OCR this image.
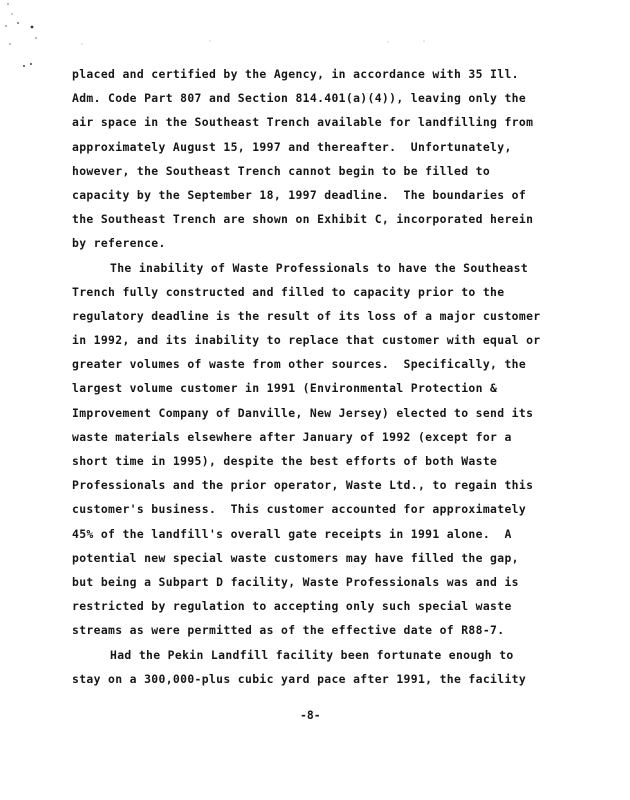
placed and certified by the Agency, in accordance with 35 Ill.
Adm. Code Part 807 and Section 814.401(a)(4)), leaving only the
air space in the Southeast Trench available for landfilling from
approximately August 15, 1997 and thereafter.  Unfortunately,
however, the Southeast Trench cannot begin to be filled to
capacity by the September 18, 1997 deadline.  The boundaries of
the Southeast Trench are shown on Exhibit C, incorporated herein
by reference.
The inability of Waste Professionals to have the Southeast
Trench fully constructed and filled to capacity prior to the
regulatory deadline is the result of its loss of a major customer
in 1992, and its inability to replace that customer with equal or
greater volumes of waste from other sources.  Specifically, the
largest volume customer in 1991 (Environmental Protection &
Improvement Company of Danville, New Jersey) elected to send its
waste materials elsewhere after January of 1992 (except for a
short time in 1995), despite the best efforts of both Waste
Professionals and the prior operator, Waste Ltd., to regain this
customer's business.  This customer accounted for approximately
45% of the landfill's overall gate receipts in 1991 alone.  A
potential new special waste customers may have filled the gap,
but being a Subpart D facility, Waste Professionals was and is
restricted by regulation to accepting only such special waste
streams as were permitted as of the effective date of R88-7.
Had the Pekin Landfill facility been fortunate enough to
stay on a 300,000-plus cubic yard pace after 1991, the facility
-8-
